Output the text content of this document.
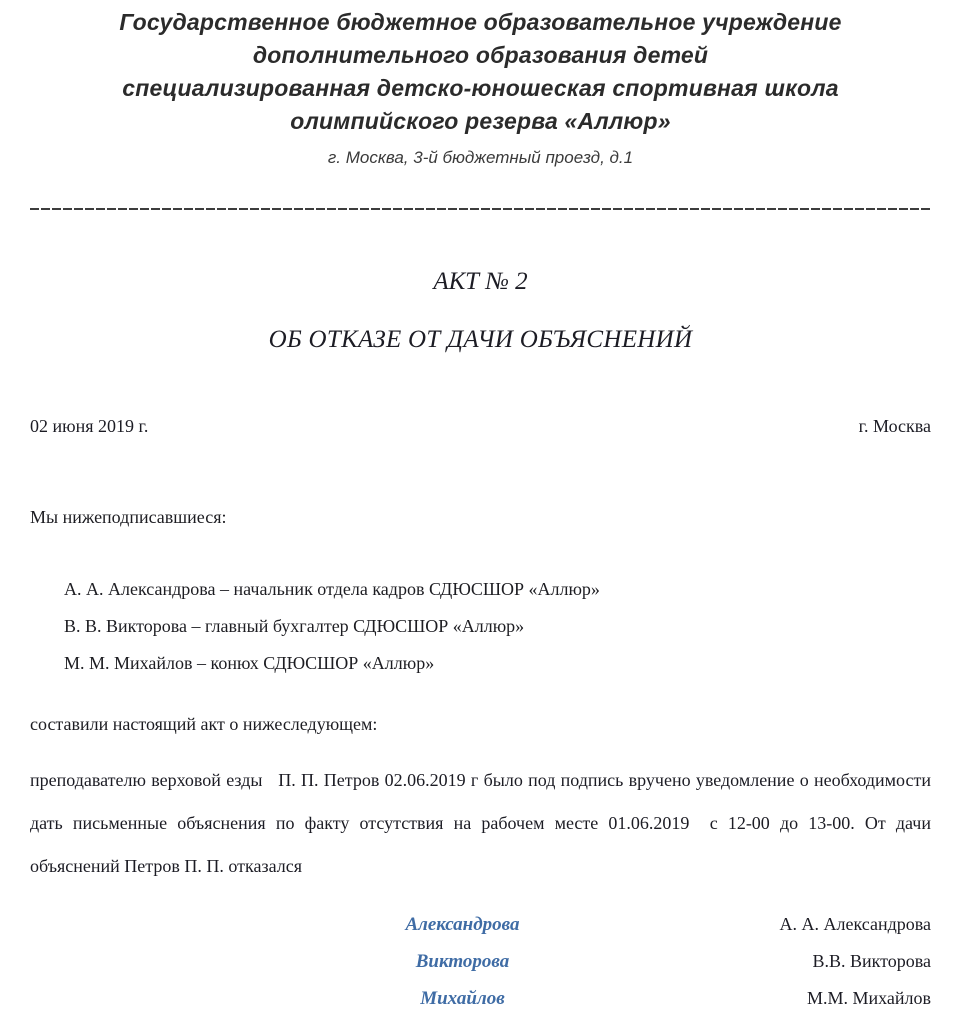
Государственное бюджетное образовательное учреждение
дополнительного образования детей
специализированная детско-юношеская спортивная школа
олимпийского резерва «Аллюр»
г. Москва, 3-й бюджетный проезд, д.1
АКТ № 2
ОБ ОТКАЗЕ ОТ ДАЧИ ОБЪЯСНЕНИЙ
02 июня 2019 г.	г. Москва
Мы нижеподписавшиеся:
А. А. Александрова – начальник отдела кадров СДЮСШОР «Аллюр»
В. В. Викторова – главный бухгалтер СДЮСШОР «Аллюр»
М. М. Михайлов – конюх СДЮСШОР «Аллюр»
составили настоящий акт о нижеследующем:
преподавателю верховой езды   П. П. Петров 02.06.2019 г было под подпись вручено уведомление о необходимости дать письменные объяснения по факту отсутствия на рабочем месте 01.06.2019  с 12-00 до 13-00. От дачи объяснений Петров П. П. отказался
Александрова	А. А. Александрова
Викторова	В.В. Викторова
Михайлов	М.М. Михайлов
